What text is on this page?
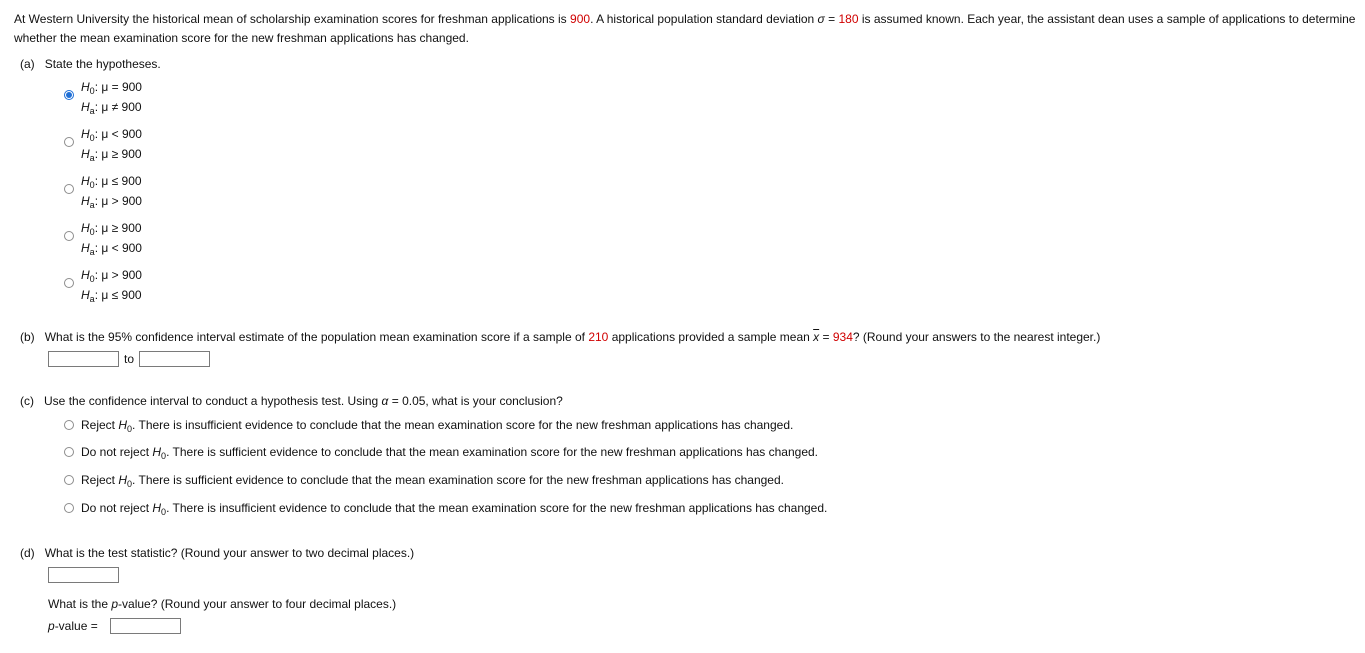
At Western University the historical mean of scholarship examination scores for freshman applications is 900. A historical population standard deviation σ = 180 is assumed known. Each year, the assistant dean uses a sample of applications to determine whether the mean examination score for the new freshman applications has changed.
(a) State the hypotheses.
$H_0$: μ = 900
$H_a$: μ ≠ 900
$H_0$: μ < 900
$H_a$: μ ≥ 900
$H_0$: μ ≤ 900
$H_a$: μ > 900
$H_0$: μ ≥ 900
$H_a$: μ < 900
$H_0$: μ > 900
$H_a$: μ ≤ 900
(b) What is the 95% confidence interval estimate of the population mean examination score if a sample of 210 applications provided a sample mean $\overline{x} = 934$? (Round your answers to the nearest integer.)
to
(c) Use the confidence interval to conduct a hypothesis test. Using α = 0.05, what is your conclusion?
Reject $H_0$. There is insufficient evidence to conclude that the mean examination score for the new freshman applications has changed.
Do not reject $H_0$. There is sufficient evidence to conclude that the mean examination score for the new freshman applications has changed.
Reject $H_0$. There is sufficient evidence to conclude that the mean examination score for the new freshman applications has changed.
Do not reject $H_0$. There is insufficient evidence to conclude that the mean examination score for the new freshman applications has changed.
(d) What is the test statistic? (Round your answer to two decimal places.)
What is the p-value? (Round your answer to four decimal places.)
p-value =
